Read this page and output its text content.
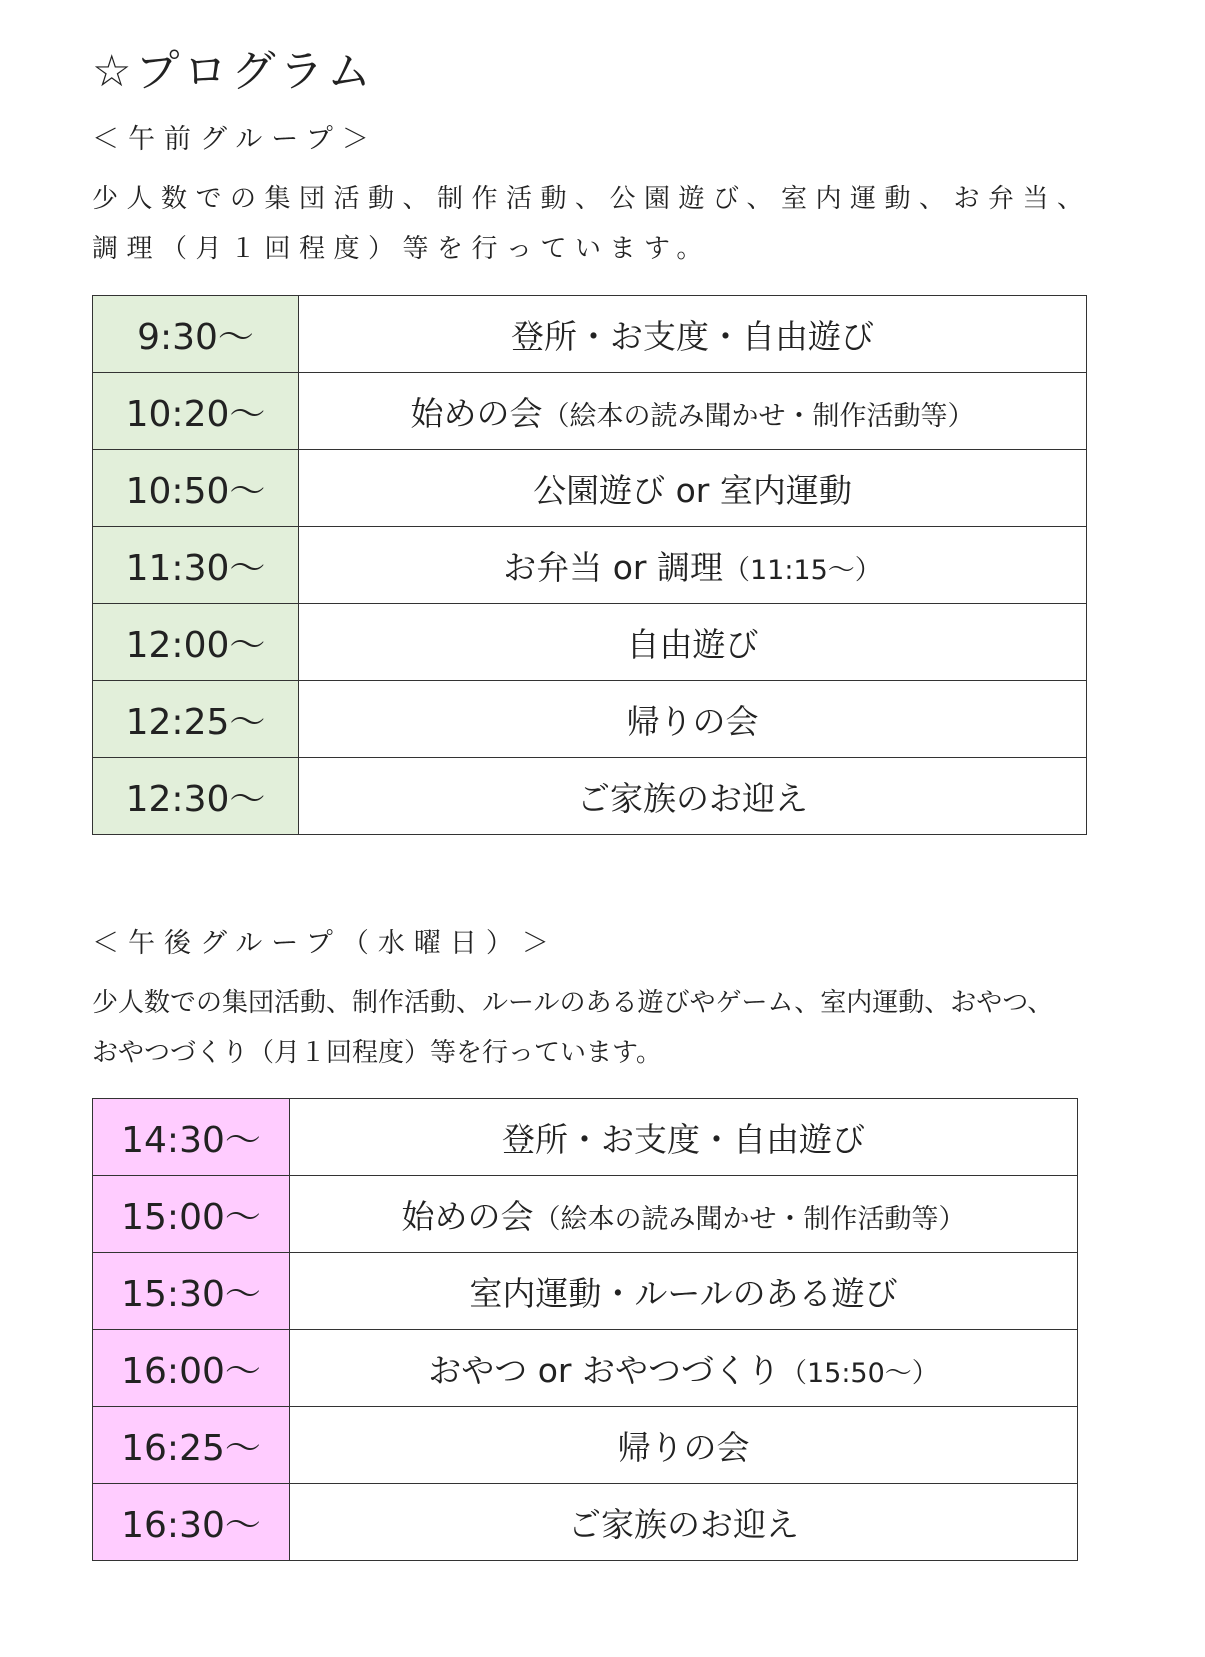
☆プログラム
＜午前グループ＞
少人数での集団活動、制作活動、公園遊び、室内運動、お弁当、
調理（月１回程度）等を行っています。
9:30〜	登所・お支度・自由遊び
10:20〜	始めの会（絵本の読み聞かせ・制作活動等）
10:50〜	公園遊び or 室内運動
11:30〜	お弁当 or 調理（11:15〜）
12:00〜	自由遊び
12:25〜	帰りの会
12:30〜	ご家族のお迎え
＜午後グループ（水曜日）＞
少人数での集団活動、制作活動、ルールのある遊びやゲーム、室内運動、おやつ、
おやつづくり（月１回程度）等を行っています。
14:30〜	登所・お支度・自由遊び
15:00〜	始めの会（絵本の読み聞かせ・制作活動等）
15:30〜	室内運動・ルールのある遊び
16:00〜	おやつ or おやつづくり（15:50〜）
16:25〜	帰りの会
16:30〜	ご家族のお迎え
